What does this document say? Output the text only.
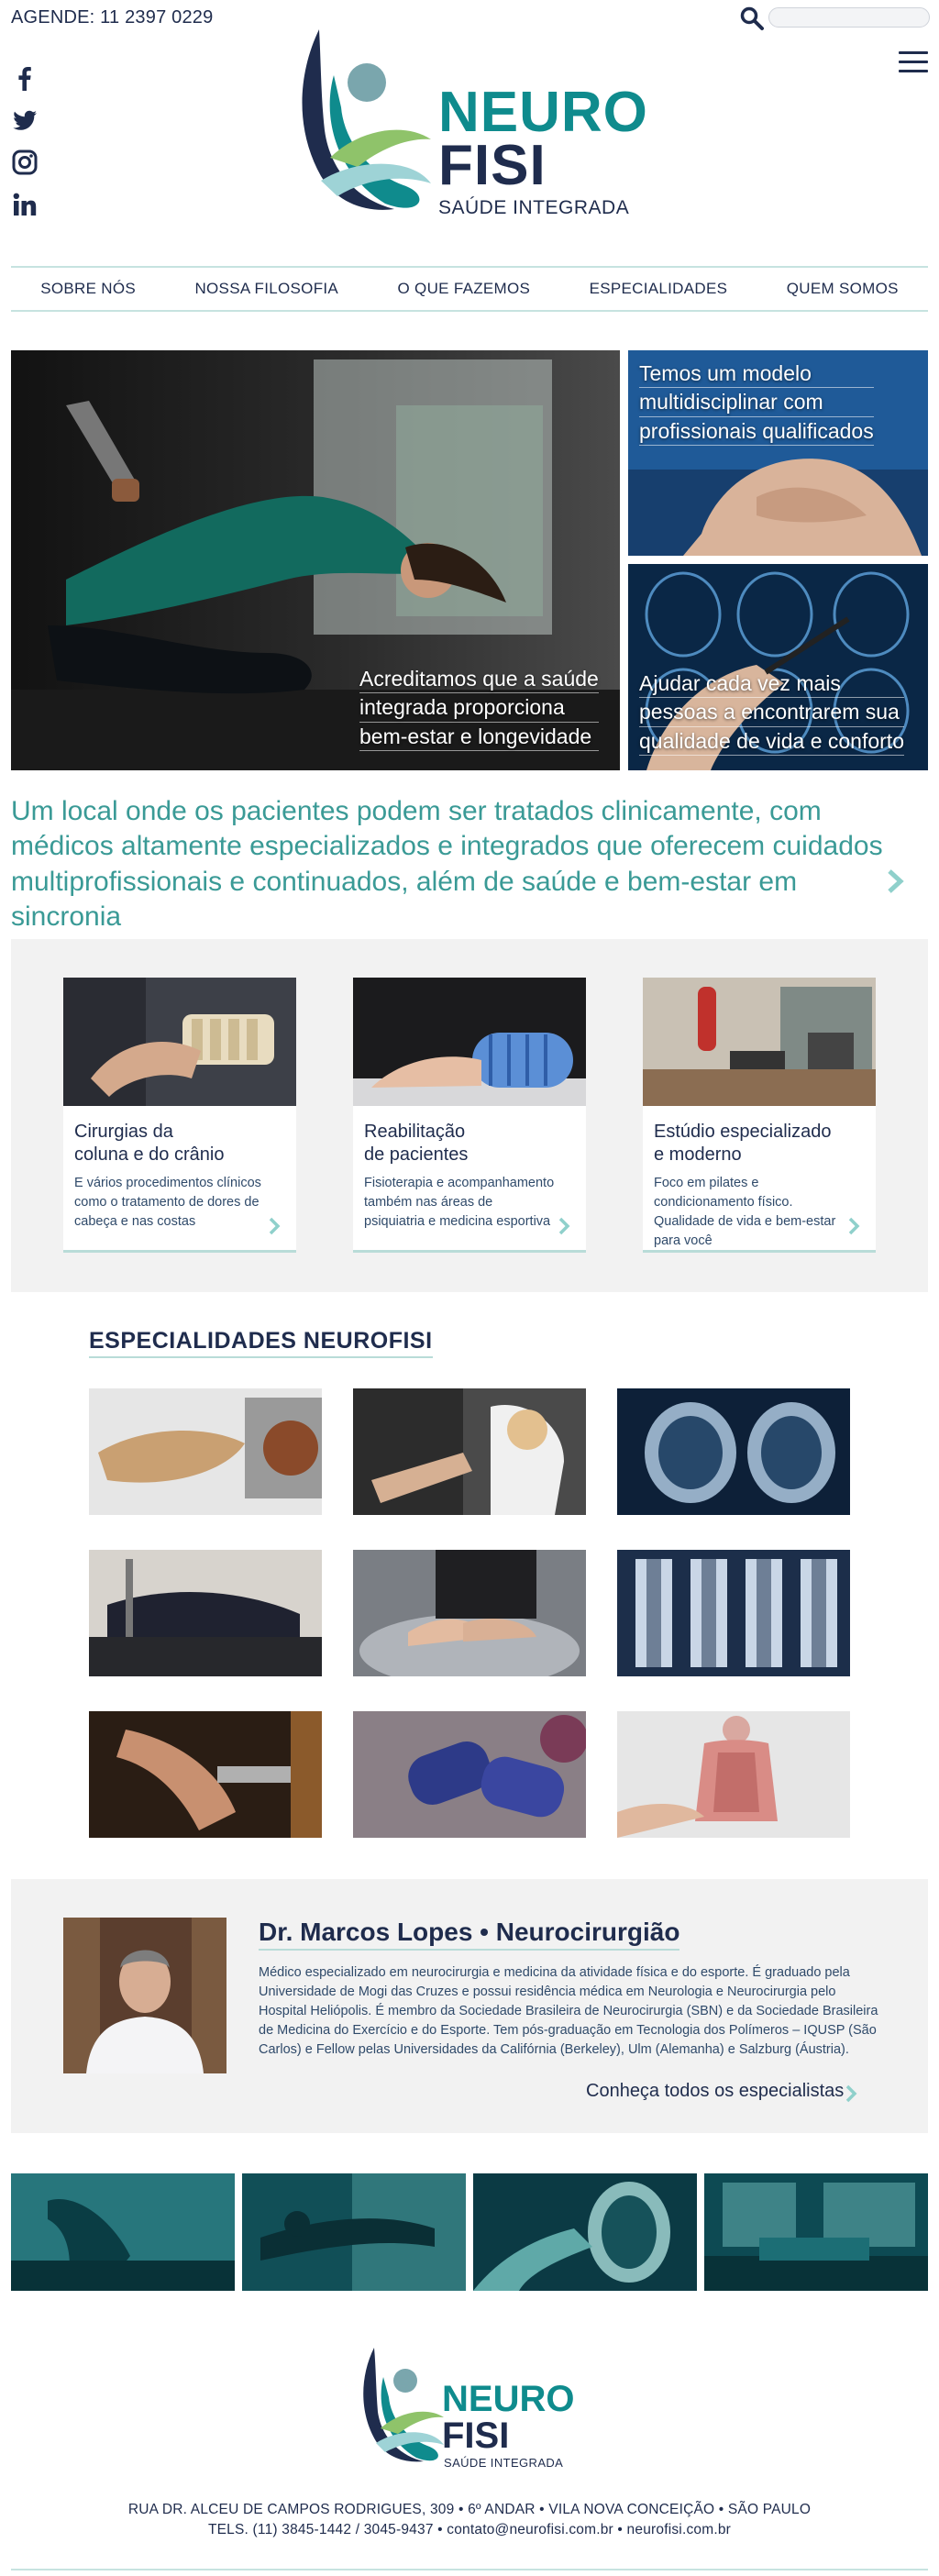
AGENDE: 11 2397 0229
NEURO
FISI
SAÚDE INTEGRADA
SOBRE NÓS	NOSSA FILOSOFIA	O QUE FAZEMOS	ESPECIALIDADES	QUEM SOMOS
Acreditamos que a saúde
integrada proporciona
bem-estar e longevidade
Temos um modelo
multidisciplinar com
profissionais qualificados
Ajudar cada vez mais
pessoas a encontrarem sua
qualidade de vida e conforto

Um local onde os pacientes podem ser tratados clinicamente, com médicos altamente especializados e integrados que oferecem cuidados multiprofissionais e continuados, além de saúde e bem-estar em sincronia

Cirurgias da
coluna e do crânio
E vários procedimentos clínicos como o tratamento de dores de cabeça e nas costas
Reabilitação
de pacientes
Fisioterapia e acompanhamento também nas áreas de psiquiatria e medicina esportiva
Estúdio especializado
e moderno
Foco em pilates e condicionamento físico. Qualidade de vida e bem-estar para você
ESPECIALIDADES NEUROFISI
Dr. Marcos Lopes • Neurocirurgião

Médico especializado em neurocirurgia e medicina da atividade física e do esporte. É graduado pela Universidade de Mogi das Cruzes e possui residência médica em Neurologia e Neurocirurgia pelo Hospital Heliópolis. É membro da Sociedade Brasileira de Neurocirurgia (SBN) e da Sociedade Brasileira de Medicina do Exercício e do Esporte. Tem pós-graduação em Tecnologia dos Polímeros – IQUSP (São Carlos) e Fellow pelas Universidades da Califórnia (Berkeley), Ulm (Alemanha) e Salzburg (Áustria).

Conheça todos os especialistas
NEURO
FISI
SAÚDE INTEGRADA
RUA DR. ALCEU DE CAMPOS RODRIGUES, 309 • 6º ANDAR • VILA NOVA CONCEIÇÃO • SÃO PAULO
TELS. (11) 3845-1442 / 3045-9437 • contato@neurofisi.com.br • neurofisi.com.br
